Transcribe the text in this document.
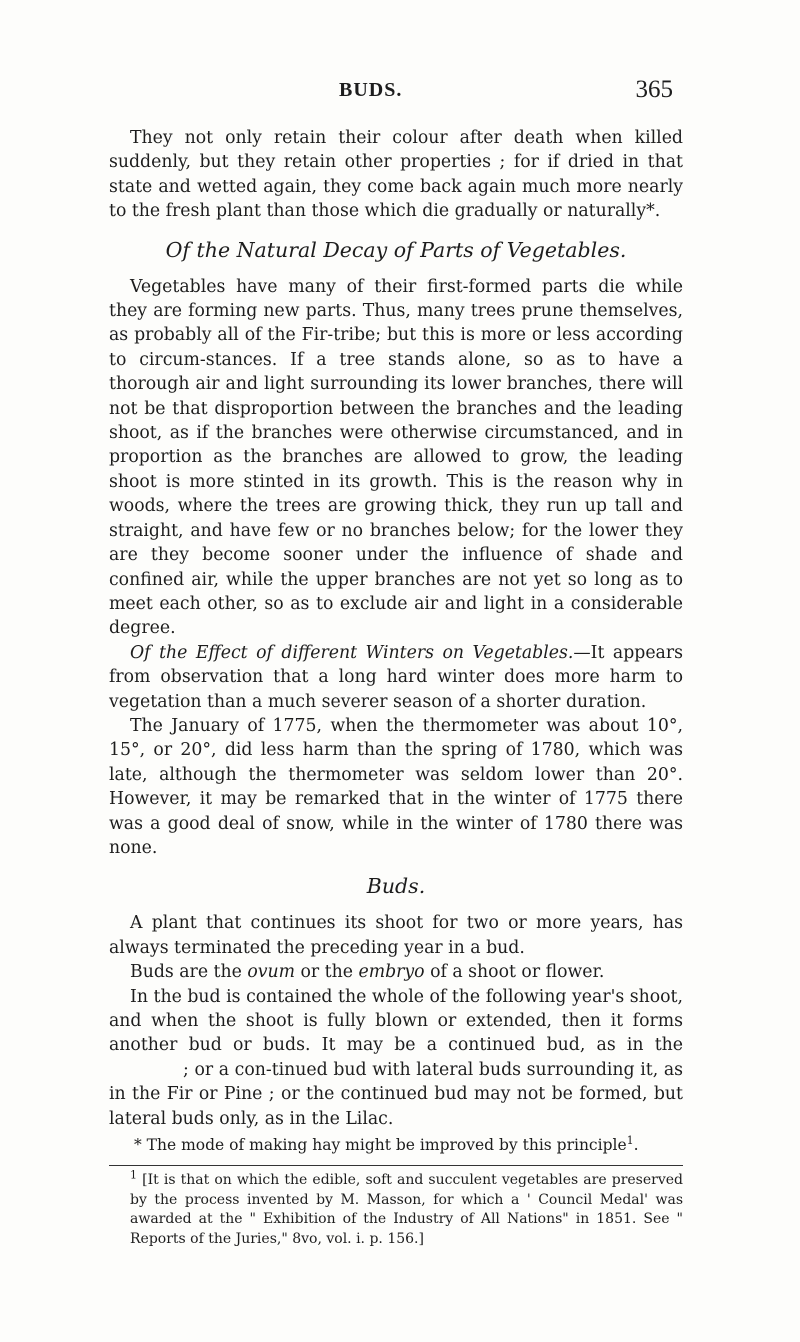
BUDS.	365

They not only retain their colour after death when killed suddenly, but they retain other properties ; for if dried in that state and wetted again, they come back again much more nearly to the fresh plant than those which die gradually or naturally*.

Of the Natural Decay of Parts of Vegetables.

Vegetables have many of their first-formed parts die while they are forming new parts. Thus, many trees prune themselves, as probably all of the Fir-tribe; but this is more or less according to circum-stances. If a tree stands alone, so as to have a thorough air and light surrounding its lower branches, there will not be that disproportion between the branches and the leading shoot, as if the branches were otherwise circumstanced, and in proportion as the branches are allowed to grow, the leading shoot is more stinted in its growth. This is the reason why in woods, where the trees are growing thick, they run up tall and straight, and have few or no branches below; for the lower they are they become sooner under the influence of shade and confined air, while the upper branches are not yet so long as to meet each other, so as to exclude air and light in a considerable degree.

Of the Effect of different Winters on Vegetables.—It appears from observation that a long hard winter does more harm to vegetation than a much severer season of a shorter duration.

The January of 1775, when the thermometer was about 10°, 15°, or 20°, did less harm than the spring of 1780, which was late, although the thermometer was seldom lower than 20°. However, it may be remarked that in the winter of 1775 there was a good deal of snow, while in the winter of 1780 there was none.

Buds.

A plant that continues its shoot for two or more years, has always terminated the preceding year in a bud.

Buds are the ovum or the embryo of a shoot or flower.

In the bud is contained the whole of the following year's shoot, and when the shoot is fully blown or extended, then it forms another bud or buds. It may be a continued bud, as in the; or a con-tinued bud with lateral buds surrounding it, as in the Fir or Pine ; or the continued bud may not be formed, but lateral buds only, as in the Lilac.

* The mode of making hay might be improved by this principle$^1$.

$^1$ [It is that on which the edible, soft and succulent vegetables are preserved by the process invented by M. Masson, for which a ' Council Medal' was awarded at the " Exhibition of the Industry of All Nations" in 1851. See " Reports of the Juries," 8vo, vol. i. p. 156.]
